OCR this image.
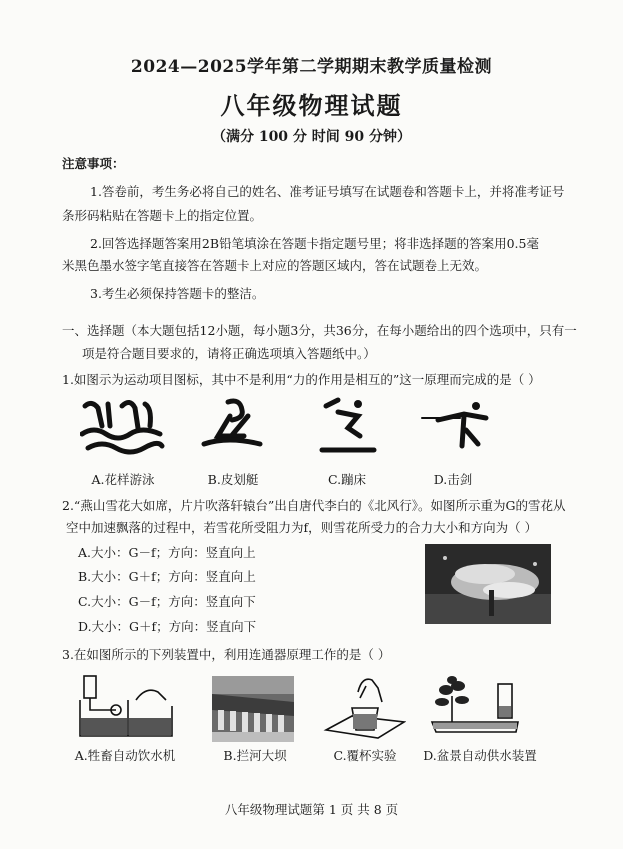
2024—2025学年第二学期期末教学质量检测
八年级物理试题
（满分 100 分 时间 90 分钟）
注意事项：
1.答卷前，考生务必将自己的姓名、准考证号填写在试题卷和答题卡上，并将准考证号
条形码粘贴在答题卡上的指定位置。
2.回答选择题答案用2B铅笔填涂在答题卡指定题号里；将非选择题的答案用0.5毫
米黑色墨水签字笔直接答在答题卡上对应的答题区域内，答在试题卷上无效。
3.考生必须保持答题卡的整洁。
一、选择题（本大题包括12小题，每小题3分，共36分，在每小题给出的四个选项中，只有一
项是符合题目要求的，请将正确选项填入答题纸中。）
1.如图示为运动项目图标，其中不是利用“力的作用是相互的”这一原理而完成的是（ ）
A.花样游泳	B.皮划艇	C.蹦床	D.击剑
2.“燕山雪花大如席，片片吹落轩辕台”出自唐代李白的《北风行》。如图所示重为G的雪花从
空中加速飘落的过程中，若雪花所受阻力为f，则雪花所受力的合力大小和方向为（ ）
A.大小：G－f；方向：竖直向上
B.大小：G＋f；方向：竖直向上
C.大小：G－f；方向：竖直向下
D.大小：G＋f；方向：竖直向下
3.在如图所示的下列装置中，利用连通器原理工作的是（ ）
A.牲畜自动饮水机	B.拦河大坝	C.覆杯实验	D.盆景自动供水装置
八年级物理试题第 1 页 共 8 页
